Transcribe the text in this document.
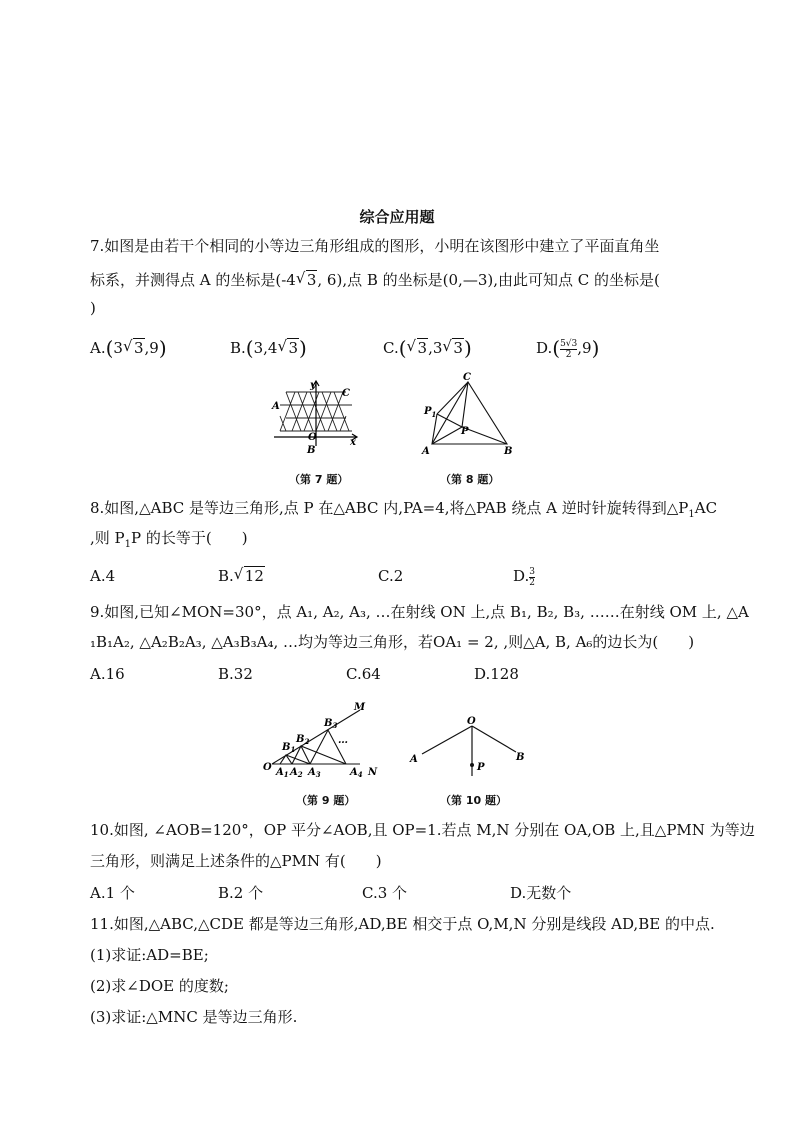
综合应用题
7.如图是由若干个相同的小等边三角形组成的图形，小明在该图形中建立了平面直角坐
标系，并测得点 A 的坐标是(-4 √ 3, 6),点 B 的坐标是(0,—3),由此可知点 C 的坐标是(
)
A.(3 √ 3,9)	B.(3,4 √ 3)	C.( √ 3,3 √ 3)	$D.( \frac{5√3}{2} ,9)$
y
x
A
C
O
B
（第 7 题）
C
A	B
P
$P_1$
（第 8 题）
8.如图,△ABC 是等边三角形,点 P 在△ABC 内,PA=4,将△PAB 绕点 A 逆时针旋转得到$\triangle P_1AC$
,则 $P_1P$ 的长等于(　　)
A.4	B. √ 12	C.2	D. $\frac{3}{2}$
9.如图,已知∠MON=30°，点 A₁, A₂, A₃, …在射线 ON 上,点 B₁, B₂, B₃, ……在射线 OM 上, △A
₁B₁A₂, △A₂B₂A₃, △A₃B₃A₄, …均为等边三角形，若OA₁ = 2, ,则△A, B, A₆的边长为(　　)
A.16	B.32	C.64	D.128
O
M
N
…
$B_1$
$B_2$
$B_3$
$A_1$ $A_2$ $A_3$	$A_4$
（第 9 题）
O
A	B
P
（第 10 题）
10.如图, ∠AOB=120°，OP 平分∠AOB,且 OP=1.若点 M,N 分别在 OA,OB 上,且△PMN 为等边
三角形，则满足上述条件的△PMN 有(　　)
A.1 个	B.2 个	C.3 个	D.无数个
11.如图,△ABC,△CDE 都是等边三角形,AD,BE 相交于点 O,M,N 分别是线段 AD,BE 的中点.
(1)求证:AD=BE;
(2)求∠DOE 的度数;
(3)求证:△MNC 是等边三角形.
